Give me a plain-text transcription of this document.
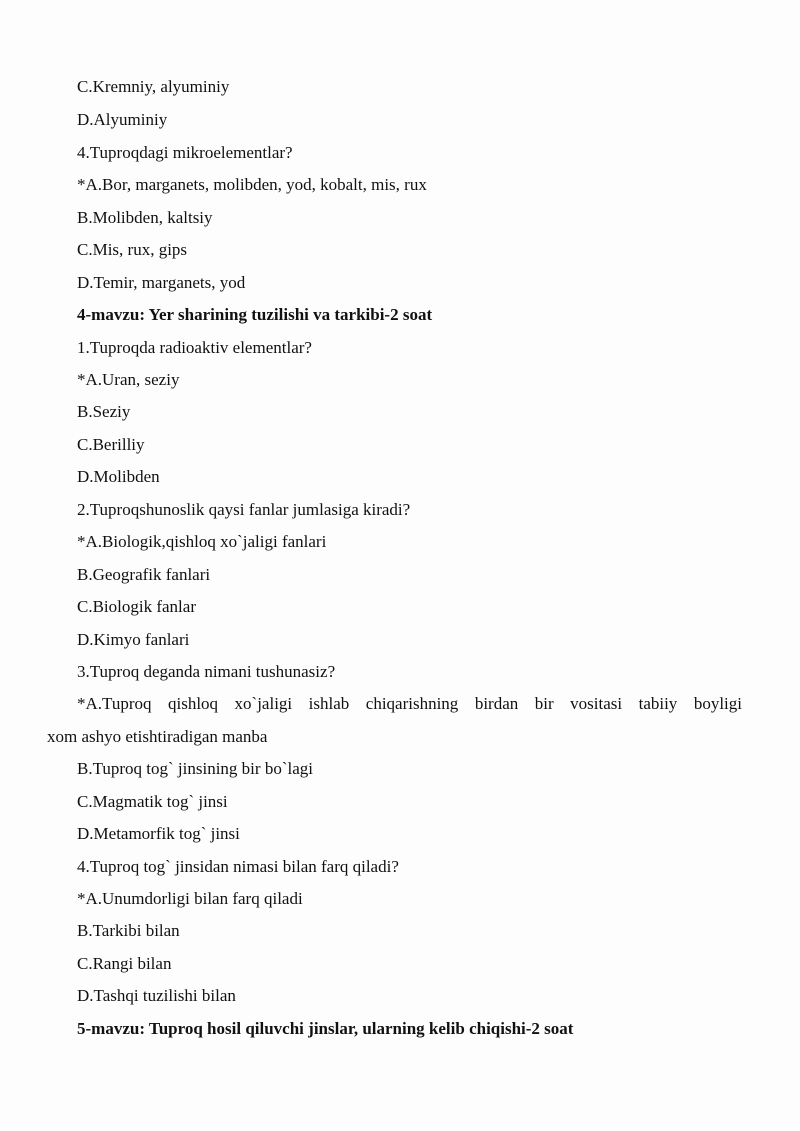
C.Kremniy, alyuminiy
D.Alyuminiy
4.Tuproqdagi mikroelementlar?
*A.Bor, marganets, molibden, yod, kobalt, mis, rux
B.Molibden, kaltsiy
C.Mis, rux, gips
D.Temir, marganets, yod
4-mavzu: Yer sharining tuzilishi va tarkibi-2 soat
1.Tuproqda radioaktiv elementlar?
*A.Uran, seziy
B.Seziy
C.Berilliy
D.Molibden
2.Tuproqshunoslik qaysi fanlar jumlasiga kiradi?
*A.Biologik,qishloq xo`jaligi fanlari
B.Geografik fanlari
C.Biologik fanlar
D.Kimyo fanlari
3.Tuproq deganda nimani tushunasiz?
*A.Tuproq qishloq xo`jaligi ishlab chiqarishning birdan bir vositasi tabiiy boyligi
xom ashyo etishtiradigan manba
B.Tuproq tog` jinsining bir bo`lagi
C.Magmatik tog` jinsi
D.Metamorfik tog` jinsi
4.Tuproq tog` jinsidan nimasi bilan farq qiladi?
*A.Unumdorligi bilan farq qiladi
B.Tarkibi bilan
C.Rangi bilan
D.Tashqi tuzilishi bilan
5-mavzu: Tuproq hosil qiluvchi jinslar, ularning kelib chiqishi-2 soat
